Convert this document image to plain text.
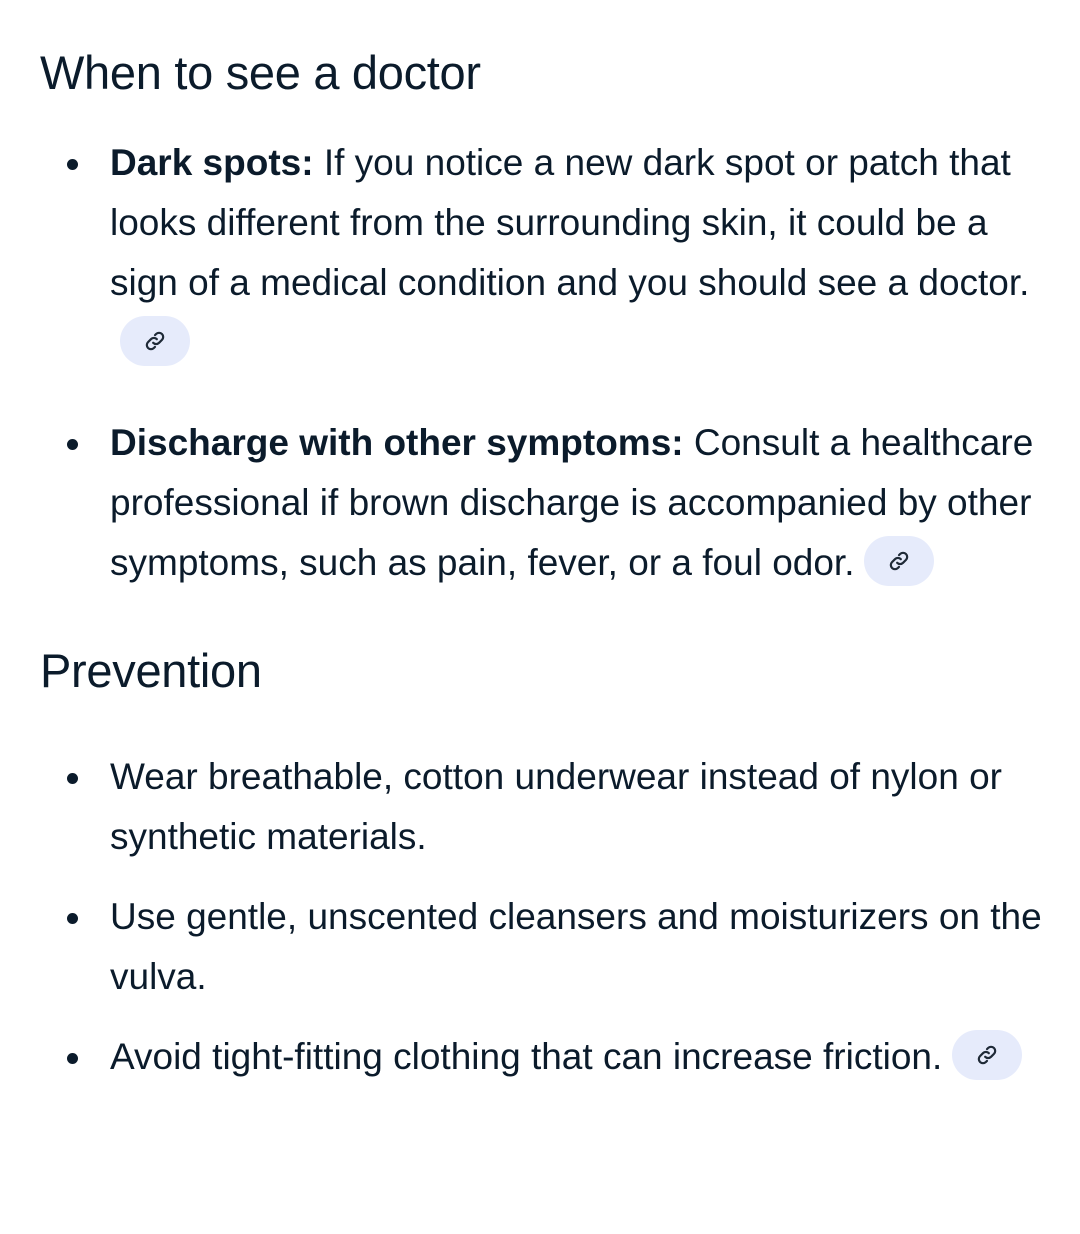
When to see a doctor
Dark spots: If you notice a new dark spot or patch that looks different from the surrounding skin, it could be a sign of a medical condition and you should see a doctor.
Discharge with other symptoms: Consult a healthcare professional if brown discharge is accompanied by other symptoms, such as pain, fever, or a foul odor.
Prevention
Wear breathable, cotton underwear instead of nylon or synthetic materials.
Use gentle, unscented cleansers and moisturizers on the vulva.
Avoid tight-fitting clothing that can increase friction.
